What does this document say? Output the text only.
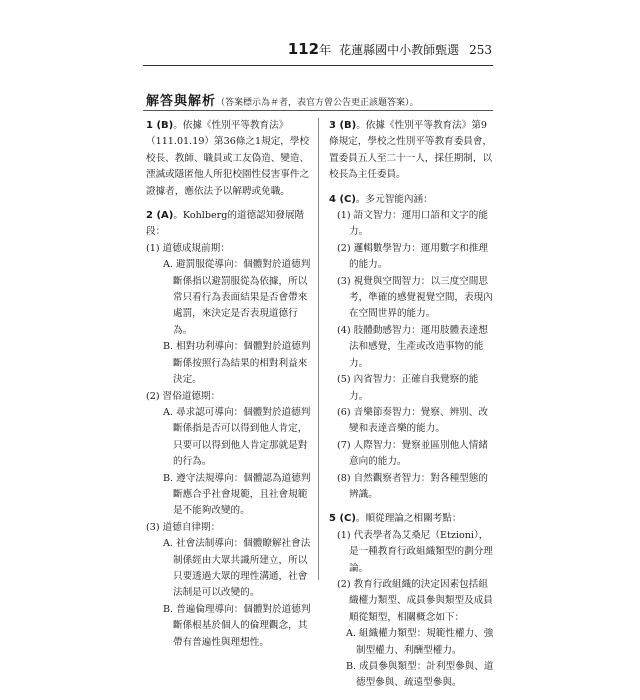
112年 花蓮縣國中小教師甄選 253
解答與解析（答案標示為＃者，表官方曾公告更正該題答案）。
1 (B)。依據《性別平等教育法》（111.01.19）第36條之1規定，學校校長、教師、職員或工友偽造、變造、湮滅或隱匿他人所犯校園性侵害事件之證據者，應依法予以解聘或免職。
2 (A)。Kohlberg的道德認知發展階段：
(1) 道德成規前期：
A. 避罰服從導向：個體對於道德判斷係指以避罰服從為依據，所以常只看行為表面結果是否會帶來處罰，來決定是否表現道德行為。
B. 相對功利導向：個體對於道德判斷係按照行為結果的相對利益來決定。
(2) 習俗道德期：
A. 尋求認可導向：個體對於道德判斷係指是否可以得到他人肯定，只要可以得到他人肯定那就是對的行為。
B. 遵守法規導向：個體認為道德判斷應合乎社會規範，且社會規範是不能夠改變的。
(3) 道德自律期：
A. 社會法制導向：個體瞭解社會法制係經由大眾共識所建立，所以只要透過大眾的理性溝通，社會法制是可以改變的。
B. 普遍倫理導向：個體對於道德判斷係根基於個人的倫理觀念，其帶有普遍性與理想性。
3 (B)。依據《性別平等教育法》第9條規定，學校之性別平等教育委員會，置委員五人至二十一人，採任期制，以校長為主任委員。
4 (C)。多元智能內涵：
(1) 語文智力：運用口語和文字的能力。
(2) 邏輯數學智力：運用數字和推理的能力。
(3) 視覺與空間智力：以三度空間思考，準確的感覺視覺空間，表現內在空間世界的能力。
(4) 肢體動感智力：運用肢體表達想法和感覺，生產或改造事物的能力。
(5) 內省智力：正確自我覺察的能力。
(6) 音樂節奏智力：覺察、辨別、改變和表達音樂的能力。
(7) 人際智力：覺察並區別他人情緒意向的能力。
(8) 自然觀察者智力：對各種型態的辨識。
5 (C)。順從理論之相關考點：
(1) 代表學者為艾桑尼（Etzioni），是一種教育行政組織類型的劃分理論。
(2) 教育行政組織的決定因素包括組織權力類型、成員參與類型及成員順從類型，相關概念如下：
A. 組織權力類型：規範性權力、強制型權力、利酬型權力。
B. 成員參與類型：計利型參與、道德型參與、疏遠型參與。
